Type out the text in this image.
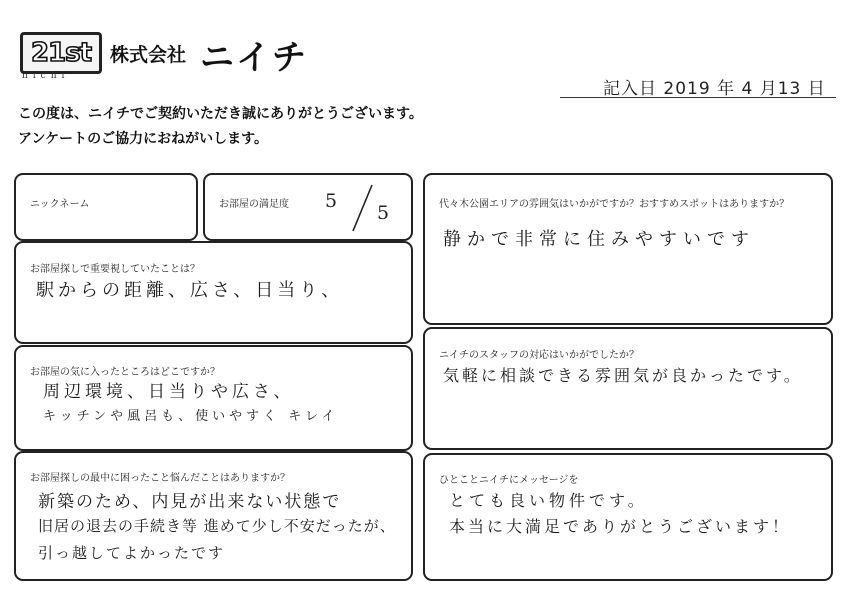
21st
nichi
株式会社 ニイチ
記入日 2019 年 4 月13 日
この度は、ニイチでご契約いただき誠にありがとうございます。
アンケートのご協力におねがいします。
ニックネーム	お部屋の満足度 5
5
お部屋探しで重要視していたことは？
駅からの距離、広さ、日当り、
お部屋の気に入ったところはどこですか？
周辺環境、日当りや広さ、
キッチンや風呂も、使いやすく キレイ
お部屋探しの最中に困ったこと悩んだことはありますか？
新築のため、内見が出来ない状態で
旧居の退去の手続き等 進めて少し不安だったが、
引っ越してよかったです
代々木公園エリアの雰囲気はいかがですか？おすすめスポットはありますか？
静かで非常に住みやすいです
ニイチのスタッフの対応はいかがでしたか？
気軽に相談できる雰囲気が良かったです。
ひとことニイチにメッセージを
とても良い物件です。
本当に大満足でありがとうございます！
